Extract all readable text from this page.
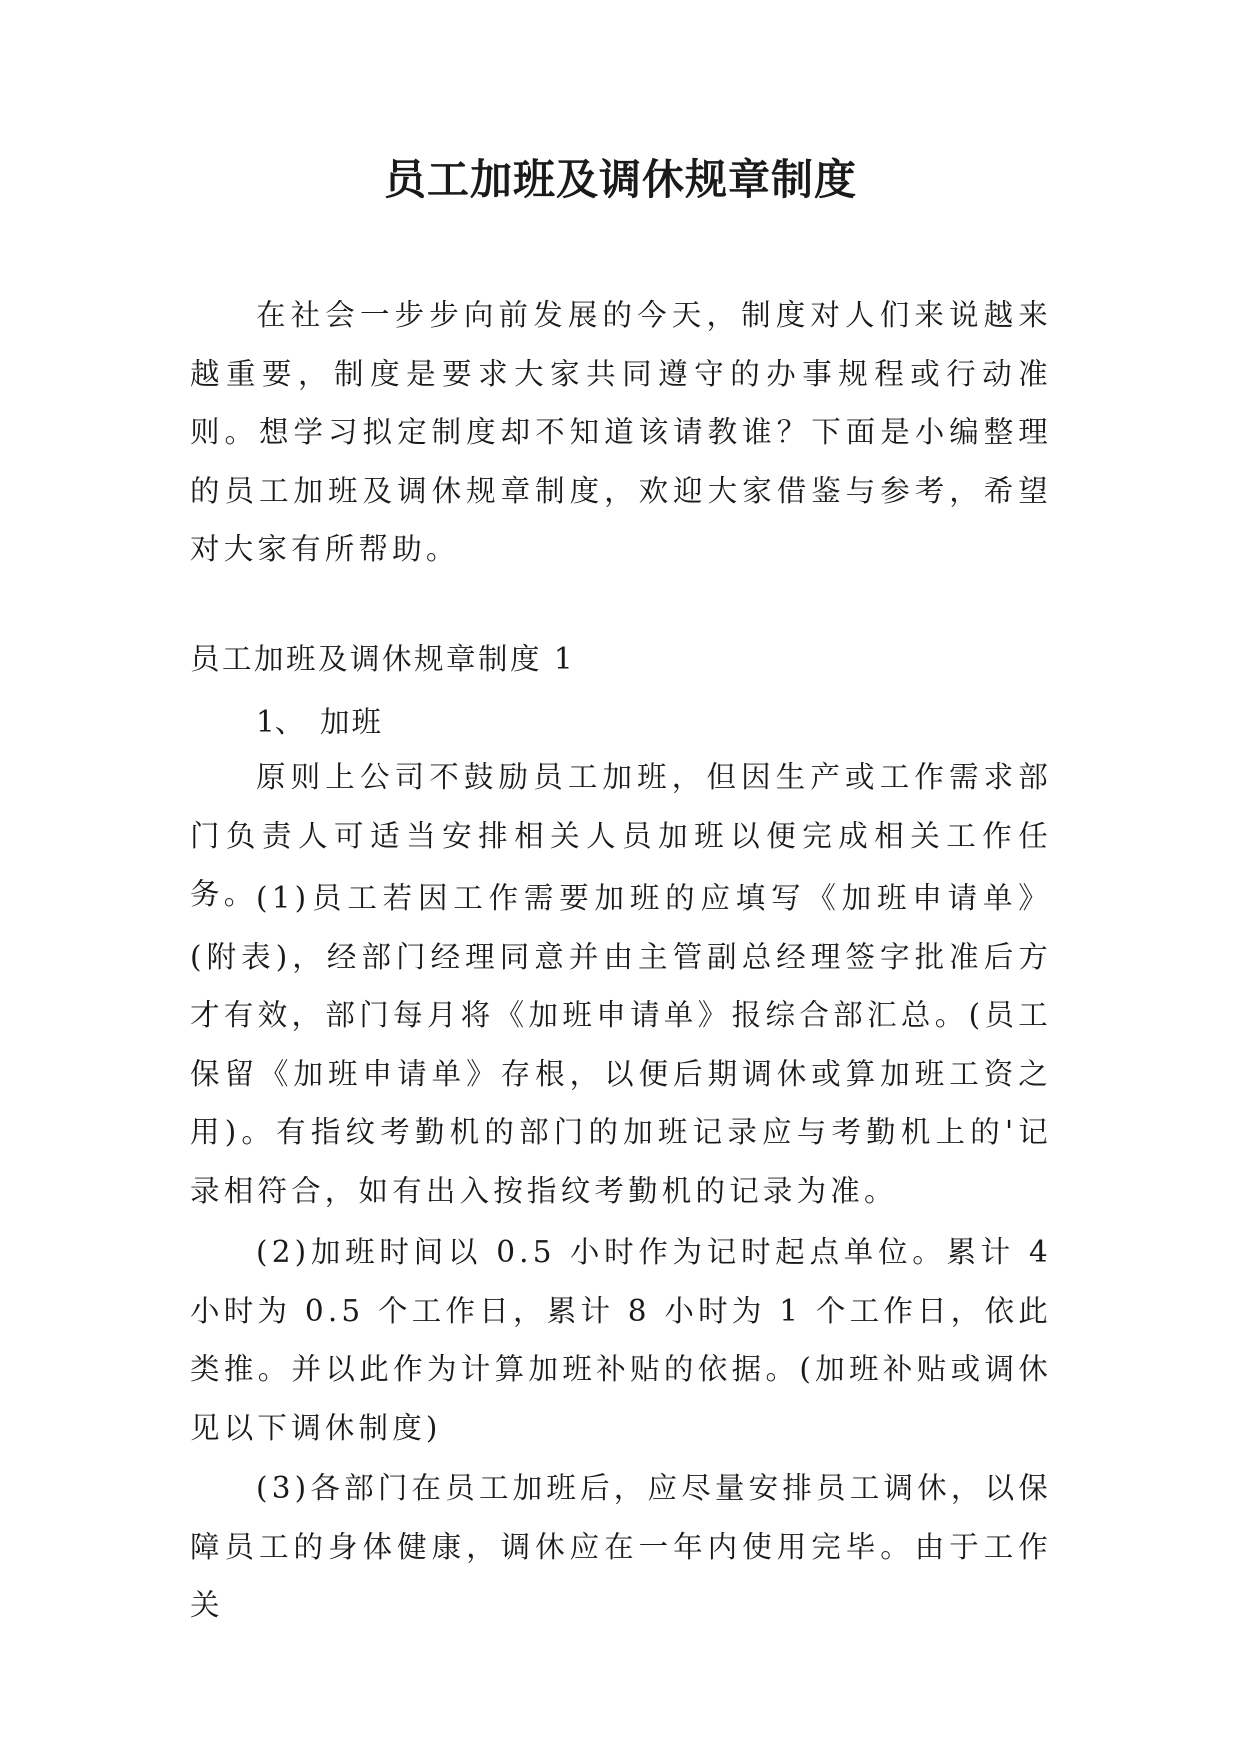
员工加班及调休规章制度

在社会一步步向前发展的今天，制度对人们来说越来越重要，制度是要求大家共同遵守的办事规程或行动准则。想学习拟定制度却不知道该请教谁？下面是小编整理的员工加班及调休规章制度，欢迎大家借鉴与参考，希望对大家有所帮助。

员工加班及调休规章制度 1

1、 加班

原则上公司不鼓励员工加班，但因生产或工作需求部门负责人可适当安排相关人员加班以便完成相关工作任务。

(1)员工若因工作需要加班的应填写《加班申请单》(附表)，经部门经理同意并由主管副总经理签字批准后方才有效，部门每月将《加班申请单》报综合部汇总。(员工保留《加班申请单》存根，以便后期调休或算加班工资之用)。有指纹考勤机的部门的加班记录应与考勤机上的'记录相符合，如有出入按指纹考勤机的记录为准。

(2)加班时间以 0.5 小时作为记时起点单位。累计 4 小时为 0.5 个工作日，累计 8 小时为 1 个工作日，依此类推。并以此作为计算加班补贴的依据。(加班补贴或调休见以下调休制度)

(3)各部门在员工加班后，应尽量安排员工调休，以保障员工的身体健康，调休应在一年内使用完毕。由于工作关
